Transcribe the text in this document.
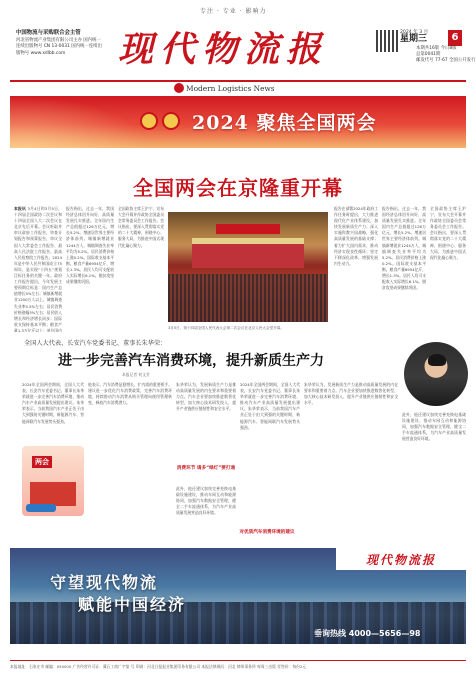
专注 · 专业 · 影响力
中国物流与采购联合会主管
河北省物流产业集团有限公司主办 国内统一连续出版物号 CN 13-0031 国内统一连续出版物号 www.xdlbb.com	现代物流报	2024 年 3 月
星期三	6
本期共16版 今日8版
总第0041期
邮发代号 77-67 全国公开发行
Modern Logistics News
2024 聚焦全国两会
全国两会在京隆重开幕
本报讯 3月4日和3月5日，十四届全国政协二次会议和十四届全国人大二次会议在北京先后开幕。会议听取并审议政府工作报告，审查计划报告和预算报告，审议全国人大常委会工作报告、最高人民法院工作报告、最高人民检察院工作报告。2024年是中华人民共和国成立75周年，是实现“十四五”规划目标任务的关键一年。政府工作报告提出，今年发展主要预期目标是：国内生产总值增长5%左右；城镇新增就业1200万人以上，城镇调查失业率5.5%左右；居民消费价格涨幅3%左右；居民收入增长和经济增长同步；国际收支保持基本平衡；粮食产量1.3万亿斤以上；单位国内
报告指出，过去一年，我国经济总体回升向好，高质量发展扎实推进。全年国内生产总值超过126万亿元，增长5.2%，增速居世界主要经济体前列。城镇新增就业1244万人，城镇调查失业率平均为5.2%。居民消费价格上涨0.2%。国际收支基本平衡。粮食产量6954亿斤，增长1.3%。居民人均可支配收入实际增长6.1%。脱贫攻坚成果继续巩固。
全国政协主席王沪宁，宣布大会开幕并作政协全国委员会常务委员会工作报告。会议指出，要深入贯彻落实党的二十大精神，围绕中心、服务大局，为推进中国式现代化凝心聚力。
3月5日，第十四届全国人民代表大会第二次会议在北京人民大会堂开幕。
报告在部署2024年政府工作任务时提出，大力推进现代化产业体系建设，加快发展新质生产力；深入实施科教兴国战略，强化高质量发展的基础支撑；着力扩大国内需求，推动经济实现良性循环；坚定不移深化改革，增强发展内生动力。
报告指出，过去一年，我国经济总体回升向好，高质量发展扎实推进。全年国内生产总值超过126万亿元，增长5.2%，增速居世界主要经济体前列。城镇新增就业1244万人，城镇调查失业率平均为5.2%。居民消费价格上涨0.2%。国际收支基本平衡。粮食产量6954亿斤，增长1.3%。居民人均可支配收入实际增长6.1%。脱贫攻坚成果继续巩固。
全国政协主席王沪宁，宣布大会开幕并作政协全国委员会常务委员会工作报告。会议指出，要深入贯彻落实党的二十大精神，围绕中心、服务大局，为推进中国式现代化凝心聚力。
全国人大代表，长安汽车党委书记、董事长朱华荣：
进一步完善汽车消费环境，提升新质生产力
本报记者 何文芳
2024年全国两会期间，全国人大代表，长安汽车党委书记、董事长朱华荣就进一步完善汽车消费环境、推动汽车产业高质量发展提出建议。朱华荣表示，当前我国汽车产业正处于由大到强的关键时期，新能源汽车、智能网联汽车发展势头强劲。
两会
他表示，汽车消费是稳增长、扩内需的重要抓手。建议进一步优化汽车消费政策，完善汽车消费环境，持续推动汽车消费从购买管理向使用管理转变，释放汽车消费潜力。
朱华荣认为，发展新质生产力是推动高质量发展的内在要求和重要着力点。汽车企业要加快推进数智化转型，加大核心技术研发投入，提升产业链供应链韧性和安全水平。
消费环节 请多“绿灯”要打通
此外，他还建议加快完善充换电基础设施建设，推动车网互动和能源协同，加强汽车数据安全管理，健全二手车流通体系，为汽车产业高质量发展营造良好环境。
2024年全国两会期间，全国人大代表，长安汽车党委书记、董事长朱华荣就进一步完善汽车消费环境、推动汽车产业高质量发展提出建议。朱华荣表示，当前我国汽车产业正处于由大到强的关键时期，新能源汽车、智能网联汽车发展势头强劲。
对优质汽车消费环境的建议
朱华荣认为，发展新质生产力是推动高质量发展的内在要求和重要着力点。汽车企业要加快推进数智化转型，加大核心技术研发投入，提升产业链供应链韧性和安全水平。
此外，他还建议加快完善充换电基础设施建设，推动车网互动和能源协同，加强汽车数据安全管理，健全二手车流通体系，为汽车产业高质量发展营造良好环境。
现代物流报
守望现代物流
赋能中国经济
垂询热线 4000—5656—98
本报地址：石家庄市 邮编：050000 广告经营许可证：冀石工商广字第 号 印刷：河北日报报业集团印务有限公司 本报法律顾问：河北 律师事务所 每周三出版 零售价：每份2元
